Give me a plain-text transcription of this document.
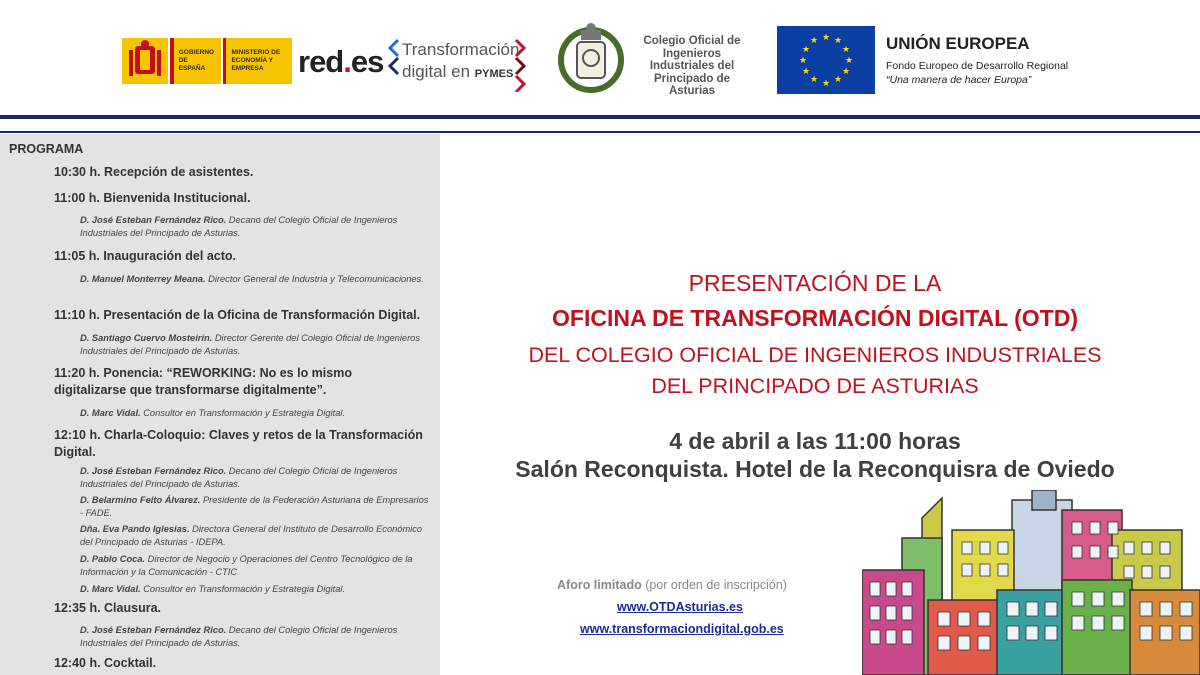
GOBIERNO DE ESPAÑA
MINISTERIO DE ECONOMÍA Y EMPRESA	red.es Transformación
digital en PYMES
Colegio Oficial de Ingenieros Industriales del Principado de Asturias
★ ★
★
★
★
★
★
★
★
★
★
★	UNIÓN EUROPEA
Fondo Europeo de Desarrollo Regional
“Una manera de hacer Europa”
PROGRAMA
10:30 h. Recepción de asistentes.
11:00 h. Bienvenida Institucional.
D. José Esteban Fernández Rico. Decano del Colegio Oficial de Ingenieros Industriales del Principado de Asturias.
11:05 h. Inauguración del acto.
D. Manuel Monterrey Meana. Director General de Industria y Telecomunicaciones.
11:10 h. Presentación de la Oficina de Transformación Digital.
D. Santiago Cuervo Mosteirín. Director Gerente del Colegio Oficial de Ingenieros Industriales del Principado de Asturias.
11:20 h. Ponencia: “REWORKING: No es lo mismo digitalizarse que transformarse digitalmente”.
D. Marc Vidal. Consultor en Transformación y Estrategia Digital.
12:10 h. Charla-Coloquio: Claves y retos de la Transformación Digital.
D. José Esteban Fernández Rico. Decano del Colegio Oficial de Ingenieros Industriales del Principado de Asturias.
D. Belarmino Feito Álvarez. Presidente de la Federación Asturiana de Empresarios - FADE.
Dña. Eva Pando Iglesias. Directora General del Instituto de Desarrollo Económico del Principado de Asturias - IDEPA.
D. Pablo Coca. Director de Negocio y Operaciones del Centro Tecnológico de la Información y la Comunicación - CTIC
D. Marc Vidal. Consultor en Transformación y Estrategia Digital.
12:35 h. Clausura.
D. José Esteban Fernández Rico. Decano del Colegio Oficial de Ingenieros Industriales del Principado de Asturias.
12:40 h. Cocktail.
PRESENTACIÓN DE LA
OFICINA DE TRANSFORMACIÓN DIGITAL (OTD)
DEL COLEGIO OFICIAL DE INGENIEROS INDUSTRIALES
DEL PRINCIPADO DE ASTURIAS
4 de abril a las 11:00 horas
Salón Reconquista. Hotel de la Reconquisra de Oviedo
Aforo limitado (por orden de inscripción)
www.OTDAsturias.es
www.transformaciondigital.gob.es
